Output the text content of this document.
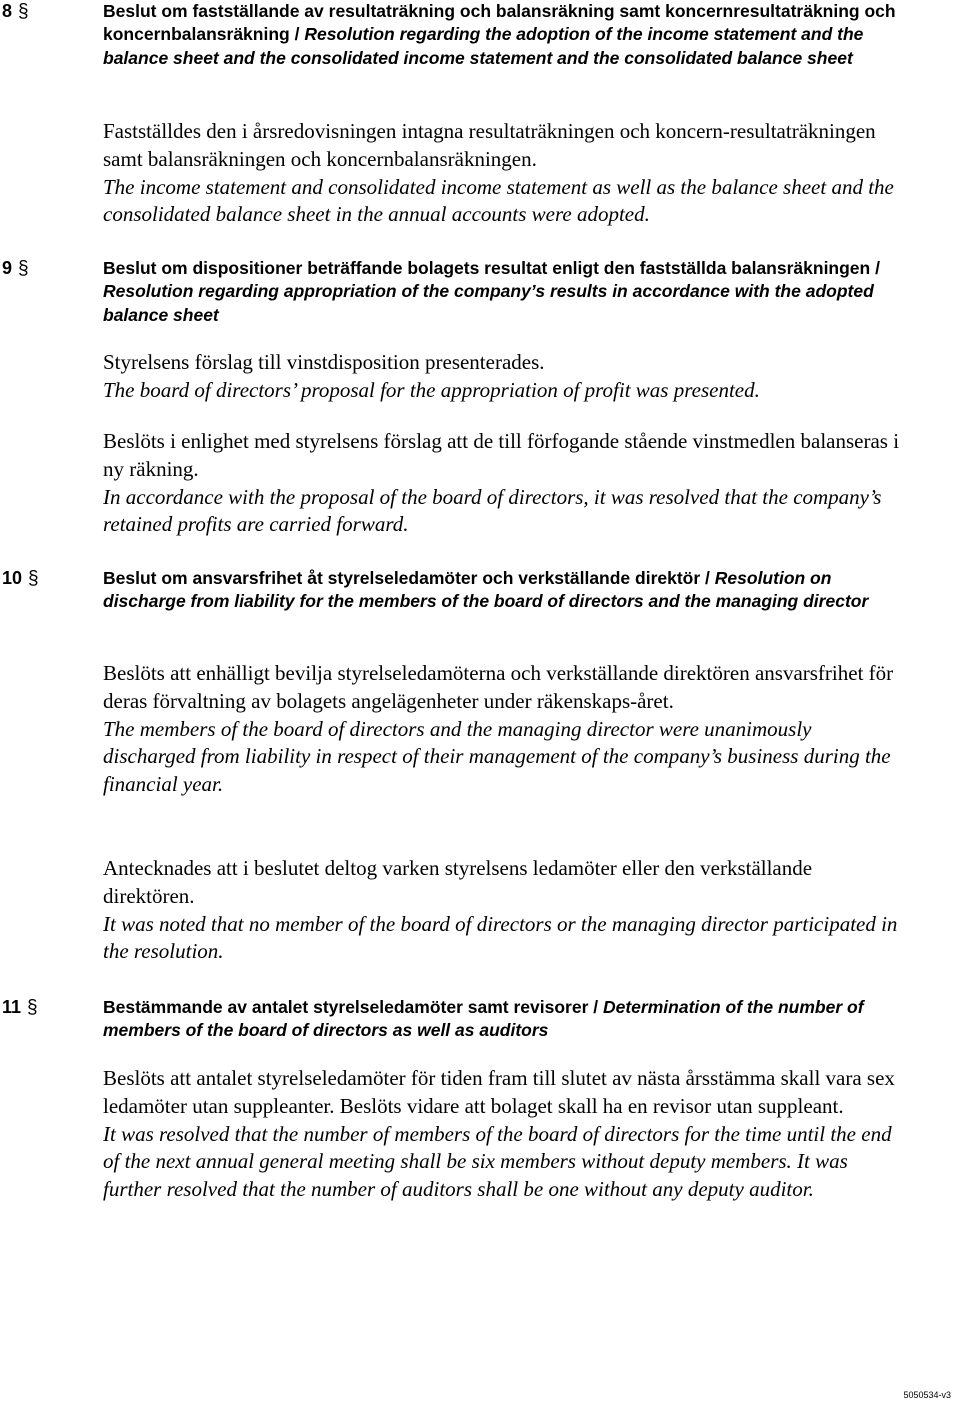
8 §	Beslut om fastställande av resultaträkning och balansräkning samt koncernresultaträkning och koncernbalansräkning / Resolution regarding the adoption of the income statement and the balance sheet and the consolidated income statement and the consolidated balance sheet

Fastställdes den i årsredovisningen intagna resultaträkningen och koncern-resultaträkningen samt balansräkningen och koncernbalansräkningen.
The income statement and consolidated income statement as well as the balance sheet and the consolidated balance sheet in the annual accounts were adopted.

9 §	Beslut om dispositioner beträffande bolagets resultat enligt den fastställda balansräkningen / Resolution regarding appropriation of the company’s results in accordance with the adopted balance sheet

Styrelsens förslag till vinstdisposition presenterades.
The board of directors’ proposal for the appropriation of profit was presented.

Beslöts i enlighet med styrelsens förslag att de till förfogande stående vinstmedlen balanseras i ny räkning.
In accordance with the proposal of the board of directors, it was resolved that the company’s retained profits are carried forward.

10 §	Beslut om ansvarsfrihet åt styrelseledamöter och verkställande direktör / Resolution on discharge from liability for the members of the board of directors and the managing director

Beslöts att enhälligt bevilja styrelseledamöterna och verkställande direktören ansvarsfrihet för deras förvaltning av bolagets angelägenheter under räkenskaps-året.
The members of the board of directors and the managing director were unanimously discharged from liability in respect of their management of the company’s business during the financial year.

Antecknades att i beslutet deltog varken styrelsens ledamöter eller den verkställande direktören.
It was noted that no member of the board of directors or the managing director participated in the resolution.

11 §	Bestämmande av antalet styrelseledamöter samt revisorer / Determination of the number of members of the board of directors as well as auditors

Beslöts att antalet styrelseledamöter för tiden fram till slutet av nästa årsstämma skall vara sex ledamöter utan suppleanter. Beslöts vidare att bolaget skall ha en revisor utan suppleant.
It was resolved that the number of members of the board of directors for the time until the end of the next annual general meeting shall be six members without deputy members. It was further resolved that the number of auditors shall be one without any deputy auditor.

5050534-v3
